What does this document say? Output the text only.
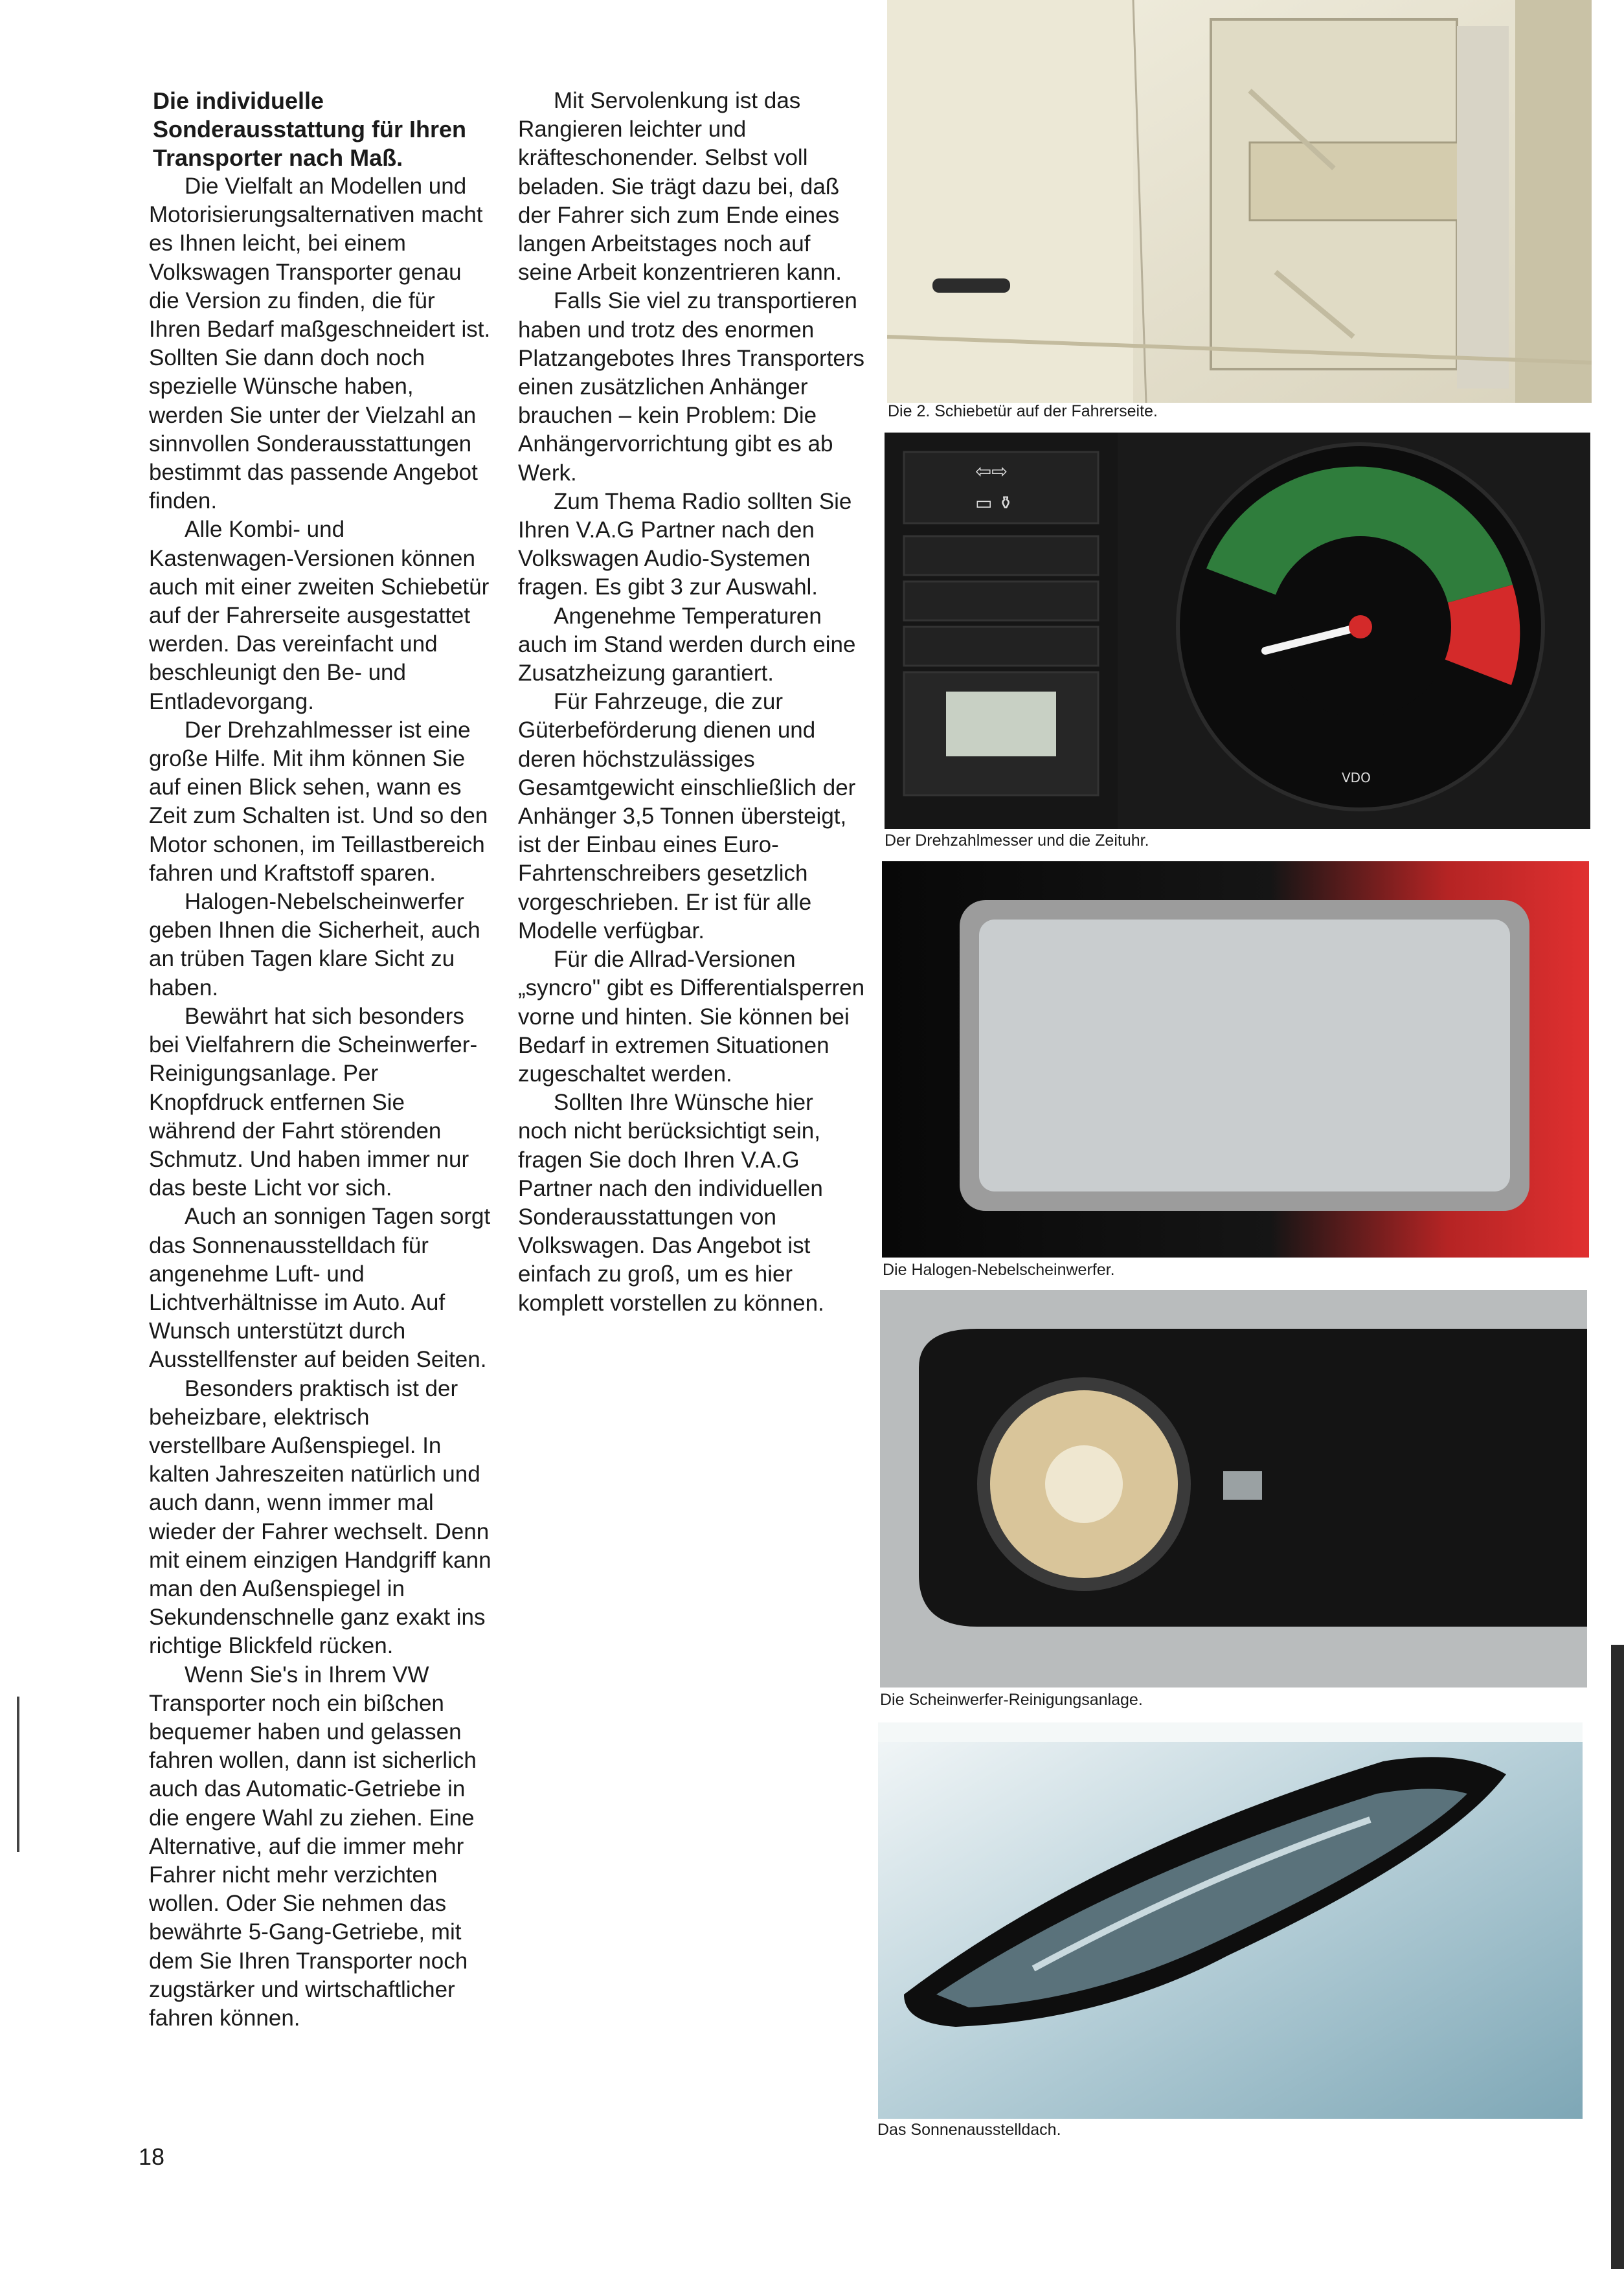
Die individuelle Sonderausstattung für Ihren Transporter nach Maß.

Die Vielfalt an Modellen und Motorisierungsalternativen macht es Ihnen leicht, bei einem Volkswagen Transporter genau die Version zu finden, die für Ihren Bedarf maßgeschneidert ist. Sollten Sie dann doch noch spezielle Wünsche haben, werden Sie unter der Vielzahl an sinnvollen Sonderausstattungen bestimmt das passende Angebot finden.

Alle Kombi- und Kastenwagen-Versionen können auch mit einer zweiten Schiebetür auf der Fahrerseite ausgestattet werden. Das vereinfacht und beschleunigt den Be- und Entladevorgang.

Der Drehzahlmesser ist eine große Hilfe. Mit ihm können Sie auf einen Blick sehen, wann es Zeit zum Schalten ist. Und so den Motor schonen, im Teillastbereich fahren und Kraftstoff sparen.

Halogen-Nebelscheinwerfer geben Ihnen die Sicherheit, auch an trüben Tagen klare Sicht zu haben.

Bewährt hat sich besonders bei Vielfahrern die Scheinwerfer-Reinigungsanlage. Per Knopfdruck entfernen Sie während der Fahrt störenden Schmutz. Und haben immer nur das beste Licht vor sich.

Auch an sonnigen Tagen sorgt das Sonnenausstelldach für angenehme Luft- und Lichtverhältnisse im Auto. Auf Wunsch unterstützt durch Ausstellfenster auf beiden Seiten.

Besonders praktisch ist der beheizbare, elektrisch verstellbare Außenspiegel. In kalten Jahreszeiten natürlich und auch dann, wenn immer mal wieder der Fahrer wechselt. Denn mit einem einzigen Handgriff kann man den Außenspiegel in Sekundenschnelle ganz exakt ins richtige Blickfeld rücken.

Wenn Sie's in Ihrem VW Transporter noch ein bißchen bequemer haben und gelassen fahren wollen, dann ist sicherlich auch das Automatic-Getriebe in die engere Wahl zu ziehen. Eine Alternative, auf die immer mehr Fahrer nicht mehr verzichten wollen. Oder Sie nehmen das bewährte 5-Gang-Getriebe, mit dem Sie Ihren Transporter noch zugstärker und wirtschaftlicher fahren können.

Mit Servolenkung ist das Rangieren leichter und kräfteschonender. Selbst voll beladen. Sie trägt dazu bei, daß der Fahrer sich zum Ende eines langen Arbeitstages noch auf seine Arbeit konzentrieren kann.

Falls Sie viel zu transportieren haben und trotz des enormen Platzangebotes Ihres Transporters einen zusätzlichen Anhänger brauchen – kein Problem: Die Anhängervorrichtung gibt es ab Werk.

Zum Thema Radio sollten Sie Ihren V.A.G Partner nach den Volkswagen Audio-Systemen fragen. Es gibt 3 zur Auswahl.

Angenehme Temperaturen auch im Stand werden durch eine Zusatzheizung garantiert.

Für Fahrzeuge, die zur Güterbeförderung dienen und deren höchstzulässiges Gesamtgewicht einschließlich der Anhänger 3,5 Tonnen übersteigt, ist der Einbau eines Euro-Fahrtenschreibers gesetzlich vorgeschrieben. Er ist für alle Modelle verfügbar.

Für die Allrad-Versionen „syncro" gibt es Differentialsperren vorne und hinten. Sie können bei Bedarf in extremen Situationen zugeschaltet werden.

Sollten Ihre Wünsche hier noch nicht berücksichtigt sein, fragen Sie doch Ihren V.A.G Partner nach den individuellen Sonderausstattungen von Volkswagen. Das Angebot ist einfach zu groß, um es hier komplett vorstellen zu können.

18
Die 2. Schiebetür auf der Fahrerseite.
⇦⇨
▭ ⚱
VDO
Der Drehzahlmesser und die Zeituhr.
Die Halogen-Nebelscheinwerfer.
Die Scheinwerfer-Reinigungsanlage.
Das Sonnenausstelldach.
